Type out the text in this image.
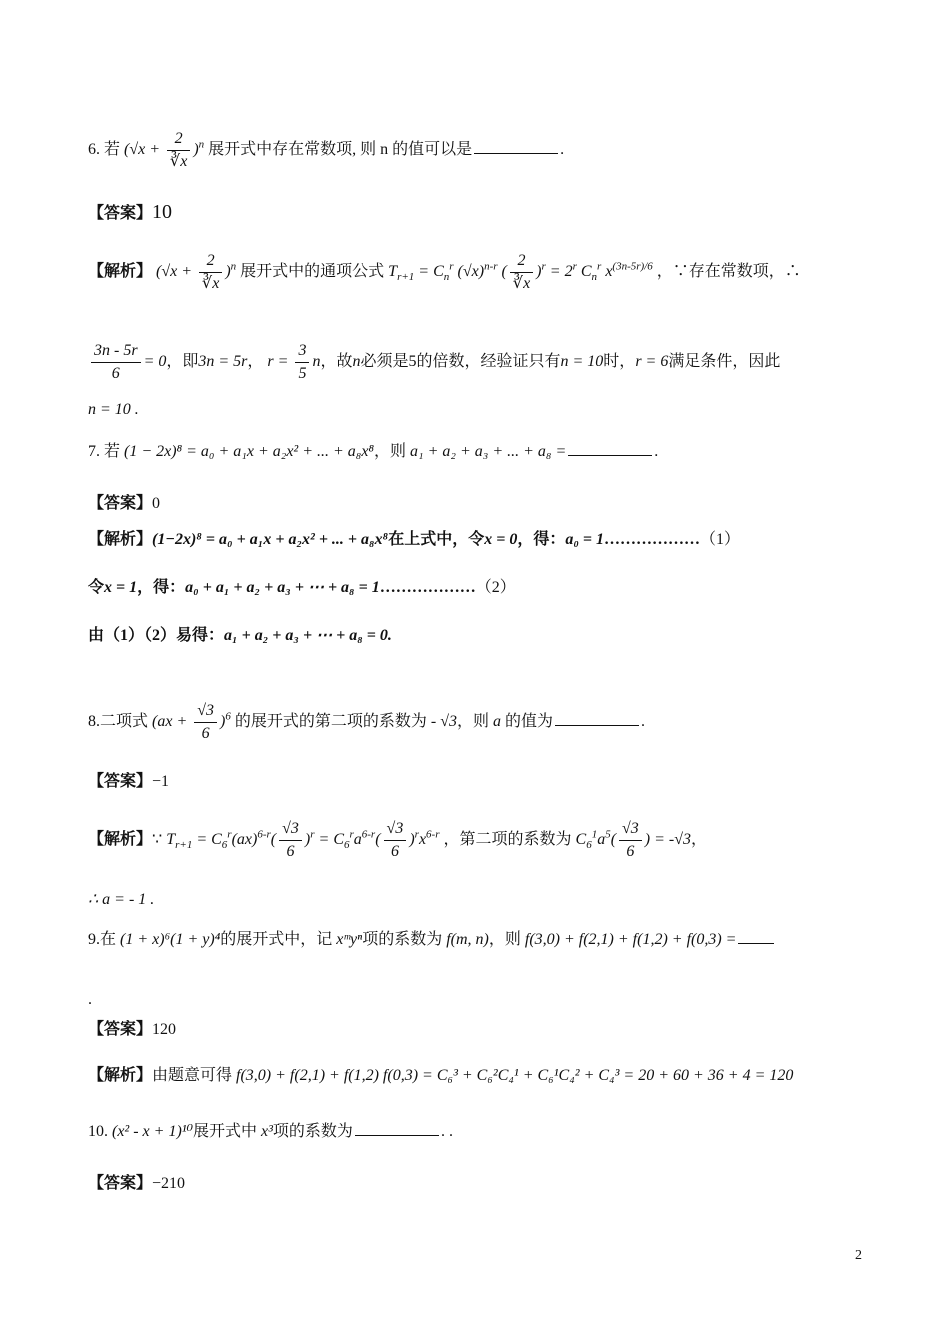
6. 若 $(√x + \frac{2}{∛x} )^n$ 展开式中存在常数项, 则 n 的值可以是	.
【答案】10
【解析】 $(√x + \frac{2}{∛x} )^n$ 展开式中的通项公式 $T_{r+1} = C_n^r$ $(√x)^{n-r}$ ( $\frac{2}{∛x} )^r = 2^r$ $C_n^r$ $x^{(3n-5r)/6}$ ，∵存在常数项，∴
$\frac{3n - 5r}{6} = 0$，即3n = 5r， $r = \frac{3}{5}$ n，故n必须是5的倍数，经验证只有n = 10时，r = 6满足条件，因此
n = 10 .
7. 若 (1 − 2x)⁸ = a₀ + a₁x + a₂x² + ... + a₈x⁸，则 a₁ + a₂ + a₃ + ... + a₈ =	.
【答案】0
【解析】(1−2x)⁸ = a₀ + a₁x + a₂x² + ... + a₈x⁸在上式中，令x = 0，得：a₀ = 1………………（1）
令x = 1，得：a₀ + a₁ + a₂ + a₃ + ⋯ + a₈ = 1………………（2）
由（1）（2）易得：a₁ + a₂ + a₃ + ⋯ + a₈ = 0.
8.二项式 $(ax + \frac{√3}{6} )^6$ 的展开式的第二项的系数为 - √3，则 a 的值为	.
【答案】−1
【解析】∵ $T_{r+1} = C_6^r(ax)^{6-r}( \frac{√3}{6} )^r = C_6^ra^{6-r}( \frac{√3}{6} )^rx^{6-r}$ ，第二项的系数为 $C_6^1a^5( \frac{√3}{6}$ ) = -√3，
∴ a = - 1 .
9.在 (1 + x)⁶(1 + y)⁴的展开式中，记 xᵐyⁿ项的系数为 f(m, n)，则 f(3,0) + f(2,1) + f(1,2) + f(0,3) =
.
【答案】120
【解析】由题意可得 f(3,0) + f(2,1) + f(1,2) f(0,3) = C₆³ + C₆²C₄¹ + C₆¹C₄² + C₄³ = 20 + 60 + 36 + 4 = 120
10. (x² - x + 1)¹⁰展开式中 x³项的系数为	. .
【答案】−210
2
